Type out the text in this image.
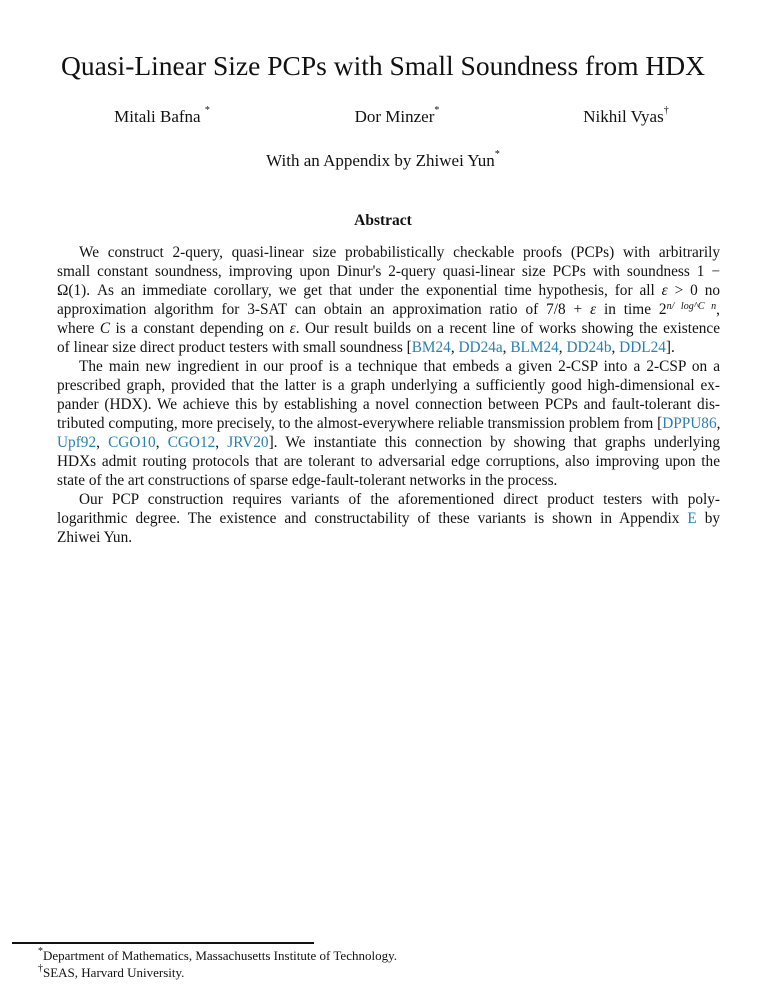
Quasi-Linear Size PCPs with Small Soundness from HDX
Mitali Bafna *	Dor Minzer*	Nikhil Vyas†
With an Appendix by Zhiwei Yun*
Abstract
We construct 2-query, quasi-linear size probabilistically checkable proofs (PCPs) with arbitrarily
small constant soundness, improving upon Dinur's 2-query quasi-linear size PCPs with soundness 1 −
Ω(1). As an immediate corollary, we get that under the exponential time hypothesis, for all ε > 0 no
approximation algorithm for 3-SAT can obtain an approximation ratio of 7/8 + ε in time $2^{n/ log\^{}C n}$,
where C is a constant depending on ε. Our result builds on a recent line of works showing the existence
of linear size direct product testers with small soundness [BM24, DD24a, BLM24, DD24b, DDL24].
The main new ingredient in our proof is a technique that embeds a given 2-CSP into a 2-CSP on a
prescribed graph, provided that the latter is a graph underlying a sufficiently good high-dimensional ex-
pander (HDX). We achieve this by establishing a novel connection between PCPs and fault-tolerant dis-
tributed computing, more precisely, to the almost-everywhere reliable transmission problem from [DPPU86,
Upf92, CGO10, CGO12, JRV20]. We instantiate this connection by showing that graphs underlying
HDXs admit routing protocols that are tolerant to adversarial edge corruptions, also improving upon the
state of the art constructions of sparse edge-fault-tolerant networks in the process.
Our PCP construction requires variants of the aforementioned direct product testers with poly-
logarithmic degree. The existence and constructability of these variants is shown in Appendix E by
Zhiwei Yun.
*Department of Mathematics, Massachusetts Institute of Technology.
†SEAS, Harvard University.
